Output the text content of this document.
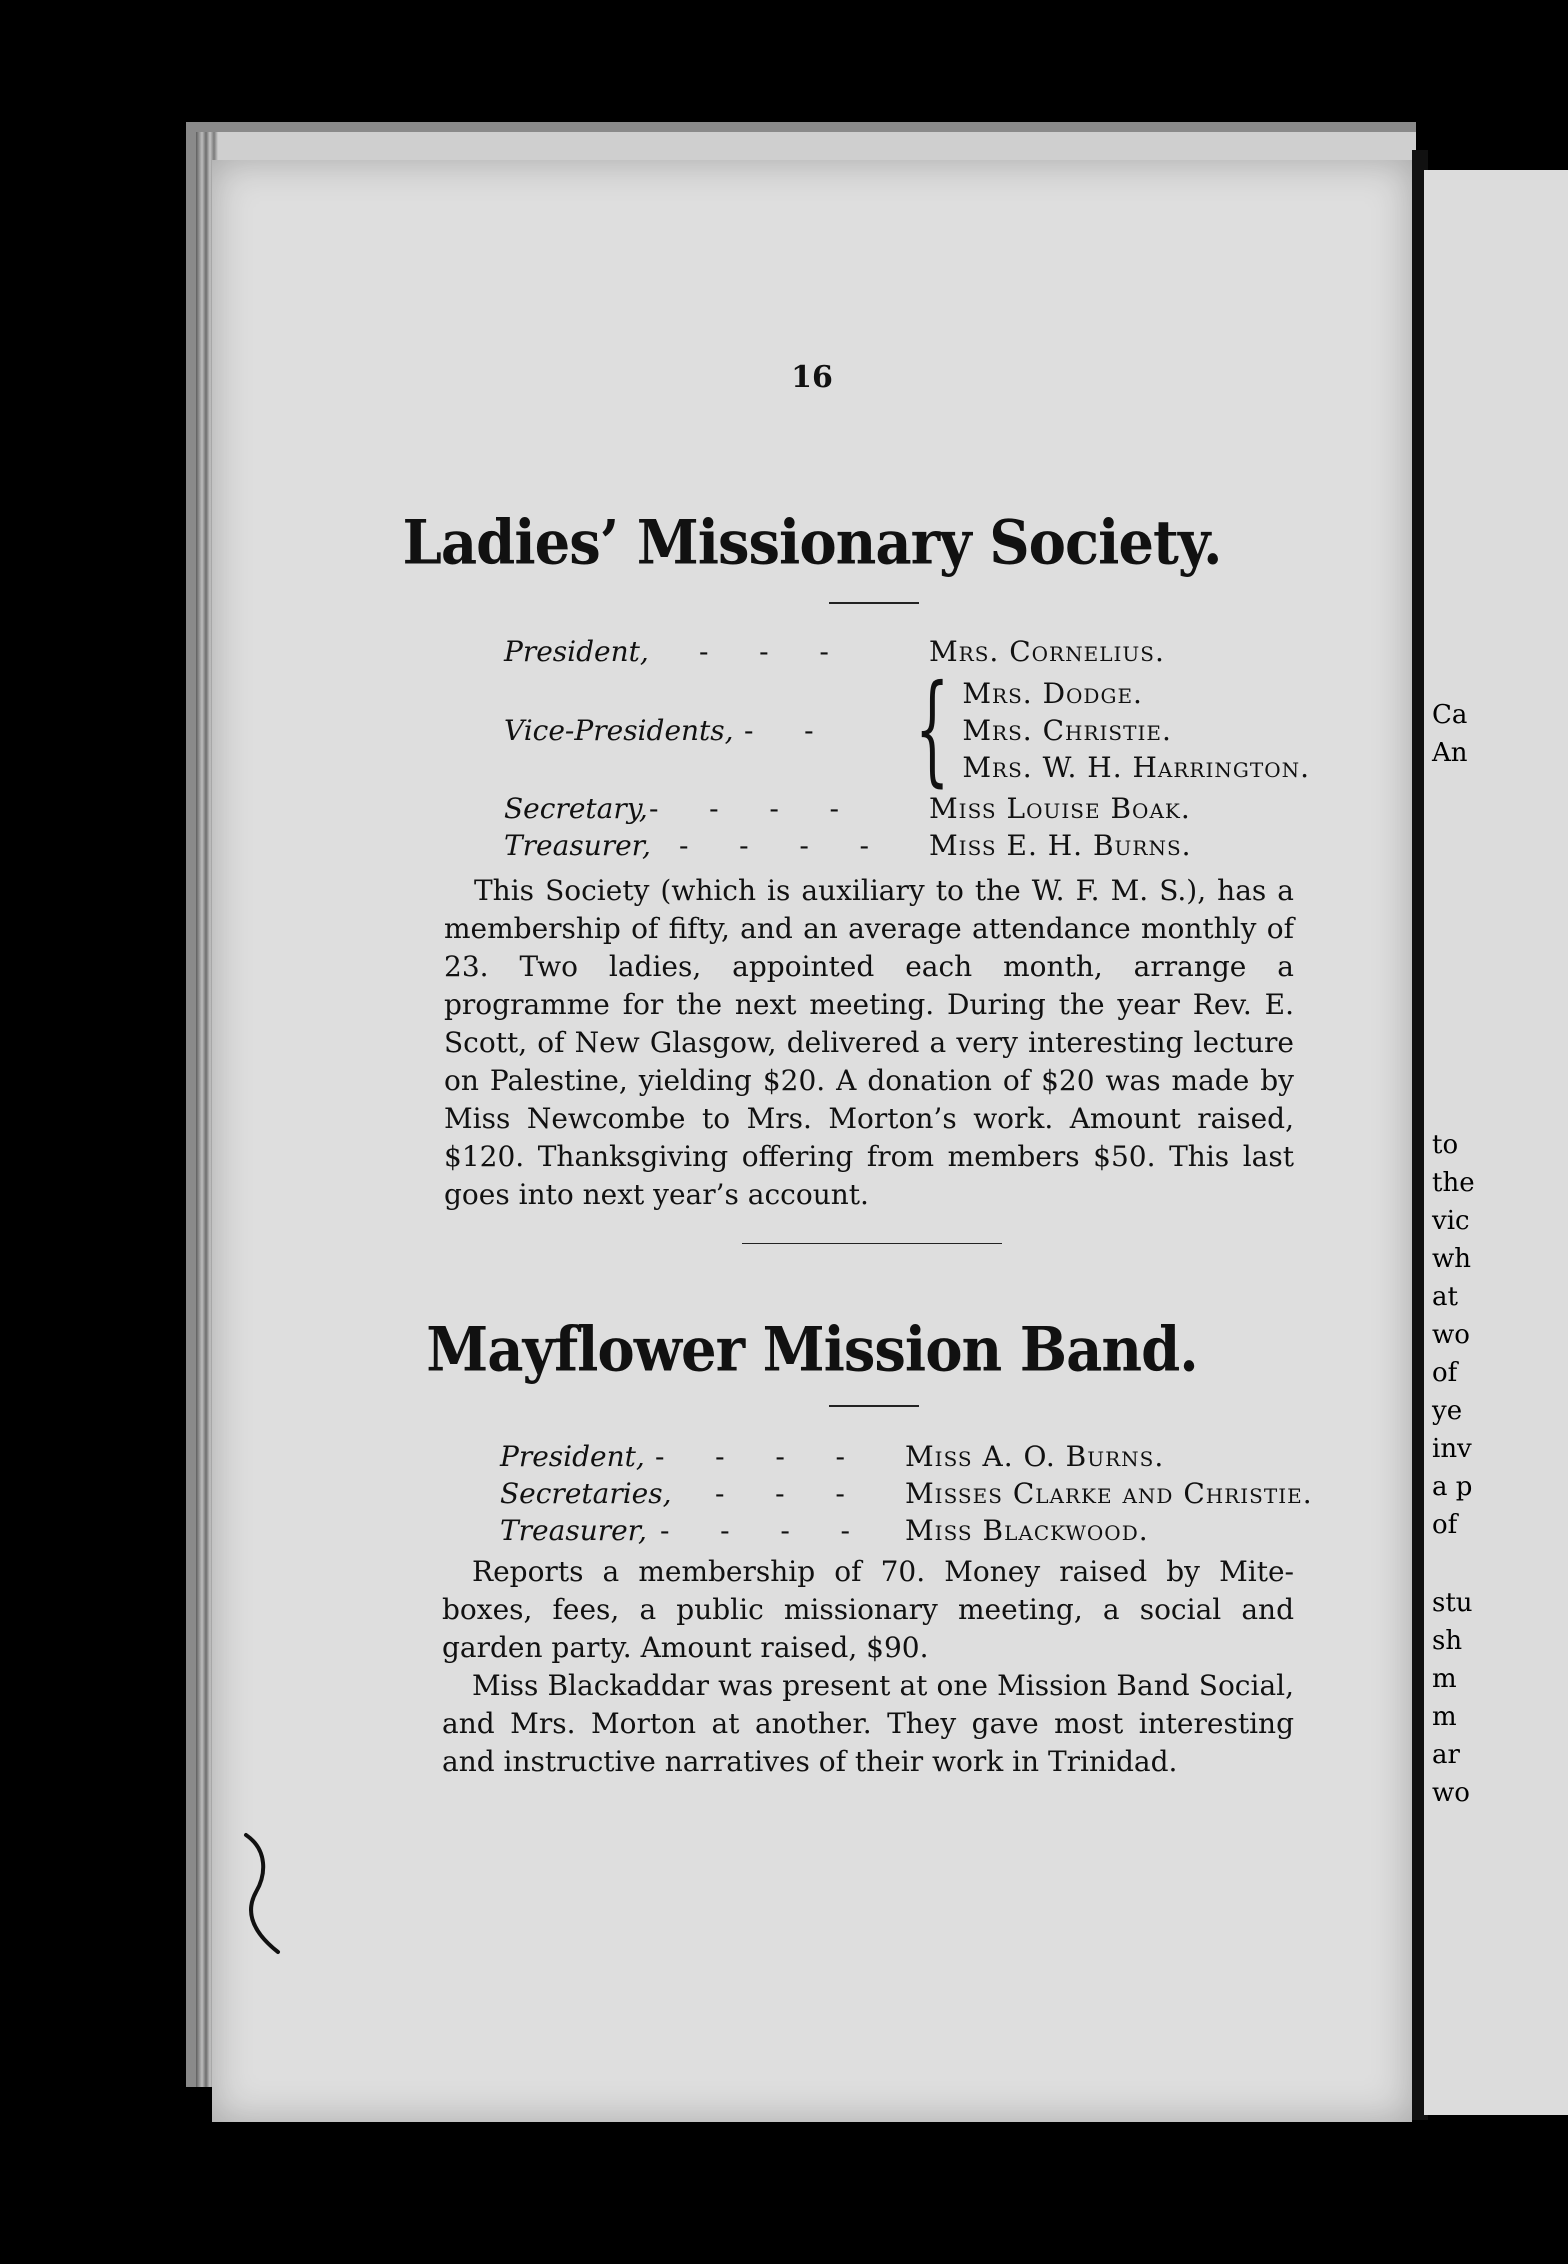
Ca
An
to
the
vic
wh
at
wo
of
ye
inv
a p
of
stu
sh
m
m
ar
wo

16

Ladies’ Missionary Society.
President,	-   -   -	Mrs. Cornelius.
Vice-Presidents, -   - { Mrs. Dodge.
Mrs. Christie.
Mrs. W. H. Harrington.
Secretary, -   -   -   -	Miss Louise Boak.
Treasurer,	-   -   -   -	Miss E. H. Burns.

This Society (which is auxiliary to the W. F. M. S.), has a membership of fifty, and an average attendance monthly of 23. Two ladies, appointed each month, arrange a programme for the next meeting. During the year Rev. E. Scott, of New Glasgow, delivered a very interesting lecture on Palestine, yielding $20. A donation of $20 was made by Miss Newcombe to Mrs. Morton’s work. Amount raised, $120. Thanksgiving offering from members $50. This last goes into next year’s account.

Mayflower Mission Band.
President, -   -   -   -	Miss A. O. Burns.
Secretaries,	-   -   -	Misses Clarke and Christie.
Treasurer, -   -   -   -	Miss Blackwood.

Reports a membership of 70. Money raised by Mite-boxes, fees, a public missionary meeting, a social and garden party. Amount raised, $90.

Miss Blackaddar was present at one Mission Band Social, and Mrs. Morton at another. They gave most interesting and instructive narratives of their work in Trinidad.
